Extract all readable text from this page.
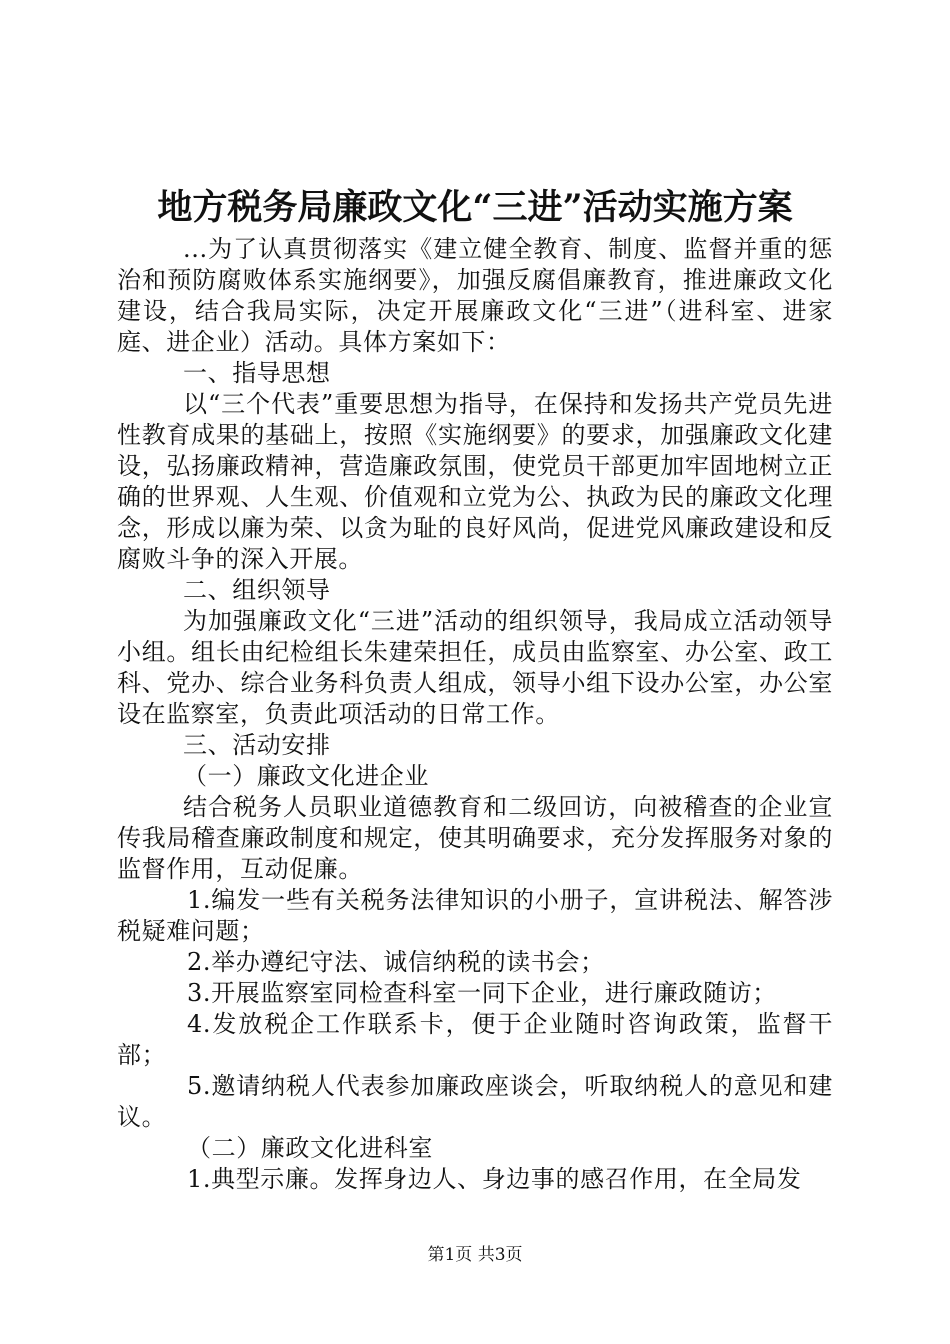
地方税务局廉政文化“三进”活动实施方案

...为了认真贯彻落实《建立健全教育、制度、监督并重的惩治和预防腐败体系实施纲要》，加强反腐倡廉教育，推进廉政文化建设，结合我局实际，决定开展廉政文化“三进”（进科室、进家庭、进企业）活动。具体方案如下：

一、指导思想

以“三个代表”重要思想为指导，在保持和发扬共产党员先进性教育成果的基础上，按照《实施纲要》的要求，加强廉政文化建设，弘扬廉政精神，营造廉政氛围，使党员干部更加牢固地树立正确的世界观、人生观、价值观和立党为公、执政为民的廉政文化理念，形成以廉为荣、以贪为耻的良好风尚，促进党风廉政建设和反腐败斗争的深入开展。

二、组织领导

为加强廉政文化“三进”活动的组织领导，我局成立活动领导小组。组长由纪检组长朱建荣担任，成员由监察室、办公室、政工科、党办、综合业务科负责人组成，领导小组下设办公室，办公室设在监察室，负责此项活动的日常工作。

三、活动安排

（一）廉政文化进企业

结合税务人员职业道德教育和二级回访，向被稽查的企业宣传我局稽查廉政制度和规定，使其明确要求，充分发挥服务对象的监督作用，互动促廉。

1.编发一些有关税务法律知识的小册子，宣讲税法、解答涉税疑难问题；

2.举办遵纪守法、诚信纳税的读书会；

3.开展监察室同检查科室一同下企业，进行廉政随访；

4.发放税企工作联系卡，便于企业随时咨询政策，监督干部；

5.邀请纳税人代表参加廉政座谈会，听取纳税人的意见和建议。

（二）廉政文化进科室

1.典型示廉。发挥身边人、身边事的感召作用，在全局发

第1页 共3页
